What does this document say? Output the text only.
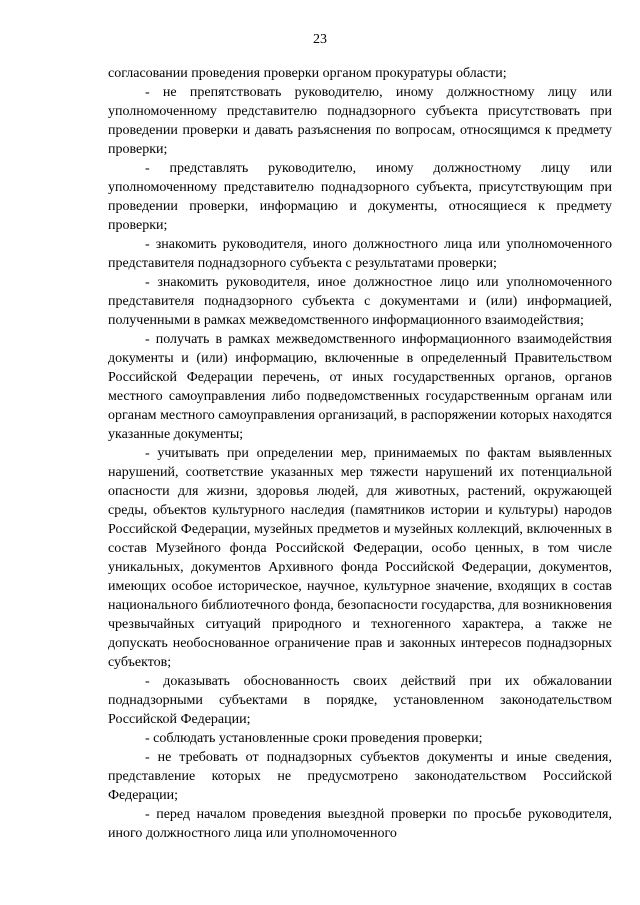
23

согласовании проведения проверки органом прокуратуры области;

- не препятствовать руководителю, иному должностному лицу или уполномоченному представителю поднадзорного субъекта присутствовать при проведении проверки и давать разъяснения по вопросам, относящимся к предмету проверки;

- представлять руководителю, иному должностному лицу или уполномоченному представителю поднадзорного субъекта, присутствующим при проведении проверки, информацию и документы, относящиеся к предмету проверки;

- знакомить руководителя, иного должностного лица или уполномоченного представителя поднадзорного субъекта с результатами проверки;

- знакомить руководителя, иное должностное лицо или уполномоченного представителя поднадзорного субъекта с документами и (или) информацией, полученными в рамках межведомственного информационного взаимодействия;

- получать в рамках межведомственного информационного взаимодействия документы и (или) информацию, включенные в определенный Правительством Российской Федерации перечень, от иных государственных органов, органов местного самоуправления либо подведомственных государственным органам или органам местного самоуправления организаций, в распоряжении которых находятся указанные документы;

- учитывать при определении мер, принимаемых по фактам выявленных нарушений, соответствие указанных мер тяжести нарушений их потенциальной опасности для жизни, здоровья людей, для животных, растений, окружающей среды, объектов культурного наследия (памятников истории и культуры) народов Российской Федерации, музейных предметов и музейных коллекций, включенных в состав Музейного фонда Российской Федерации, особо ценных, в том числе уникальных, документов Архивного фонда Российской Федерации, документов, имеющих особое историческое, научное, культурное значение, входящих в состав национального библиотечного фонда, безопасности государства, для возникновения чрезвычайных ситуаций природного и техногенного характера, а также не допускать необоснованное ограничение прав и законных интересов поднадзорных субъектов;

- доказывать обоснованность своих действий при их обжаловании поднадзорными субъектами в порядке, установленном законодательством Российской Федерации;

- соблюдать установленные сроки проведения проверки;

- не требовать от поднадзорных субъектов документы и иные сведения, представление которых не предусмотрено законодательством Российской Федерации;

- перед началом проведения выездной проверки по просьбе руководителя, иного должностного лица или уполномоченного
